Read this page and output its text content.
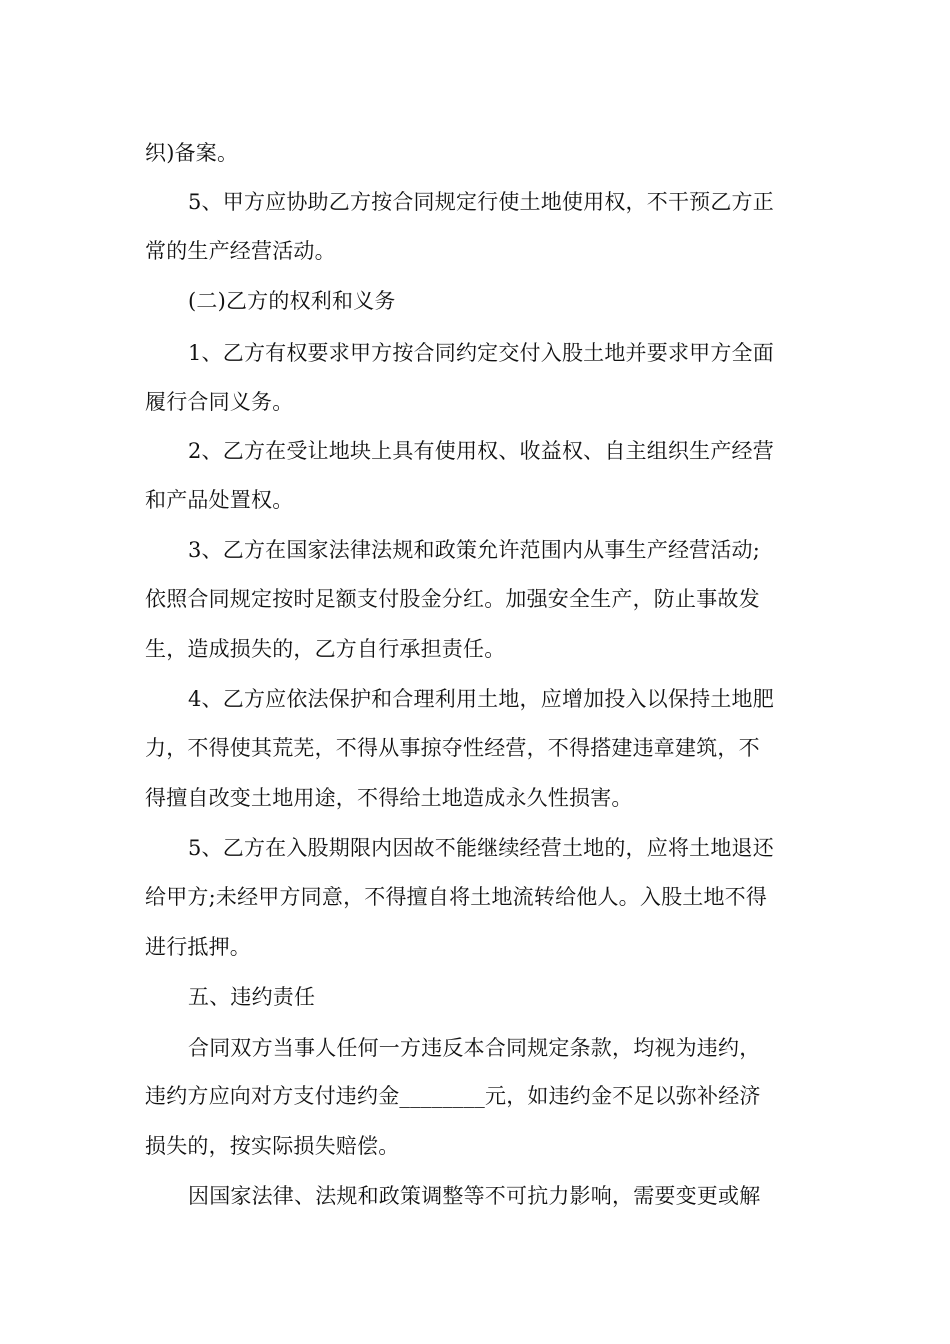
织)备案。
5、甲方应协助乙方按合同规定行使土地使用权，不干预乙方正
常的生产经营活动。
(二)乙方的权利和义务
1、乙方有权要求甲方按合同约定交付入股土地并要求甲方全面
履行合同义务。
2、乙方在受让地块上具有使用权、收益权、自主组织生产经营
和产品处置权。
3、乙方在国家法律法规和政策允许范围内从事生产经营活动;
依照合同规定按时足额支付股金分红。加强安全生产，防止事故发
生，造成损失的，乙方自行承担责任。
4、乙方应依法保护和合理利用土地，应增加投入以保持土地肥
力，不得使其荒芜，不得从事掠夺性经营，不得搭建违章建筑，不
得擅自改变土地用途，不得给土地造成永久性损害。
5、乙方在入股期限内因故不能继续经营土地的，应将土地退还
给甲方;未经甲方同意，不得擅自将土地流转给他人。入股土地不得
进行抵押。
五、违约责任
合同双方当事人任何一方违反本合同规定条款，均视为违约，
违约方应向对方支付违约金________元，如违约金不足以弥补经济
损失的，按实际损失赔偿。
因国家法律、法规和政策调整等不可抗力影响，需要变更或解
